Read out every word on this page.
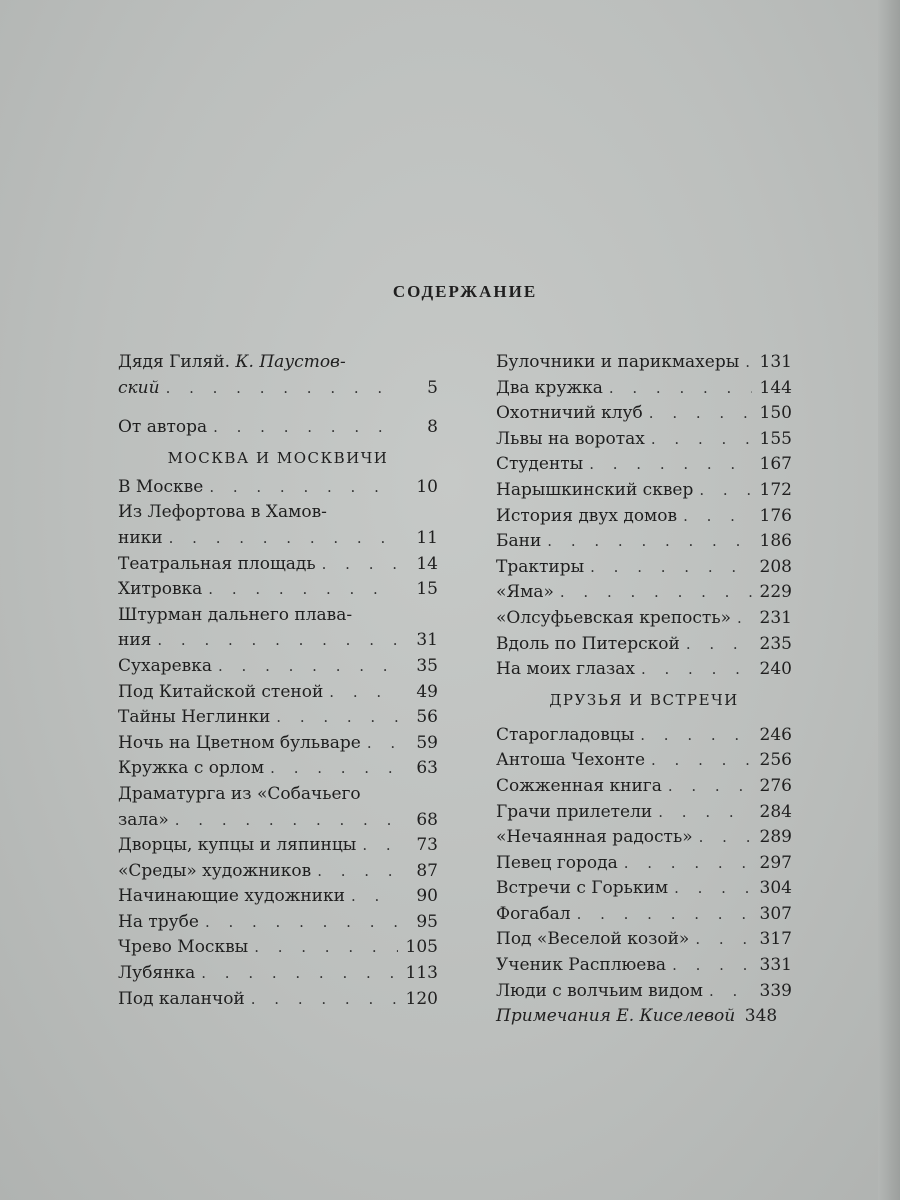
СОДЕРЖАНИЕ
Дядя Гиляй. К. Паустов-
ский . . .	5
От автора . . .	8
МОСКВА И МОСКВИЧИ
В Москве . . .	10
Из Лефортова в Хамов-
ники . . .	11
Театральная площадь . . .	14
Хитровка . . .	15
Штурман дальнего плава-
ния . . .	31
Сухаревка . . .	35
Под Китайской стеной . . .	49
Тайны Неглинки . . .	56
Ночь на Цветном бульваре . . .	59
Кружка с орлом . . .	63
Драматурга из «Собачьего
зала» . . .	68
Дворцы, купцы и ляпинцы . . .	73
«Среды» художников . . .	87
Начинающие художники . . .	90
На трубе . . .	95
Чрево Москвы . . .	105
Лубянка . . .	113
Под каланчой . . .	120
Булочники и парикмахеры . . . 131
Два кружка . . .	144
Охотничий клуб . . .	150
Львы на воротах . . .	155
Студенты . . .	167
Нарышкинский сквер . . .	172
История двух домов . . .	176
Бани . . .	186
Трактиры . . .	208
«Яма» . . .	229
«Олсуфьевская крепость» . . . 231
Вдоль по Питерской . . .	235
На моих глазах . . .	240
ДРУЗЬЯ И ВСТРЕЧИ
Старогладовцы . . .	246
Антоша Чехонте . . .	256
Сожженная книга . . .	276
Грачи прилетели . . .	284
«Нечаянная радость» . . .	289
Певец города . . .	297
Встречи с Горьким . . .	304
Фогабал . . .	307
Под «Веселой козой» . . .	317
Ученик Расплюева . . .	331
Люди с волчьим видом . . .	339
Примечания Е. Киселевой 348
